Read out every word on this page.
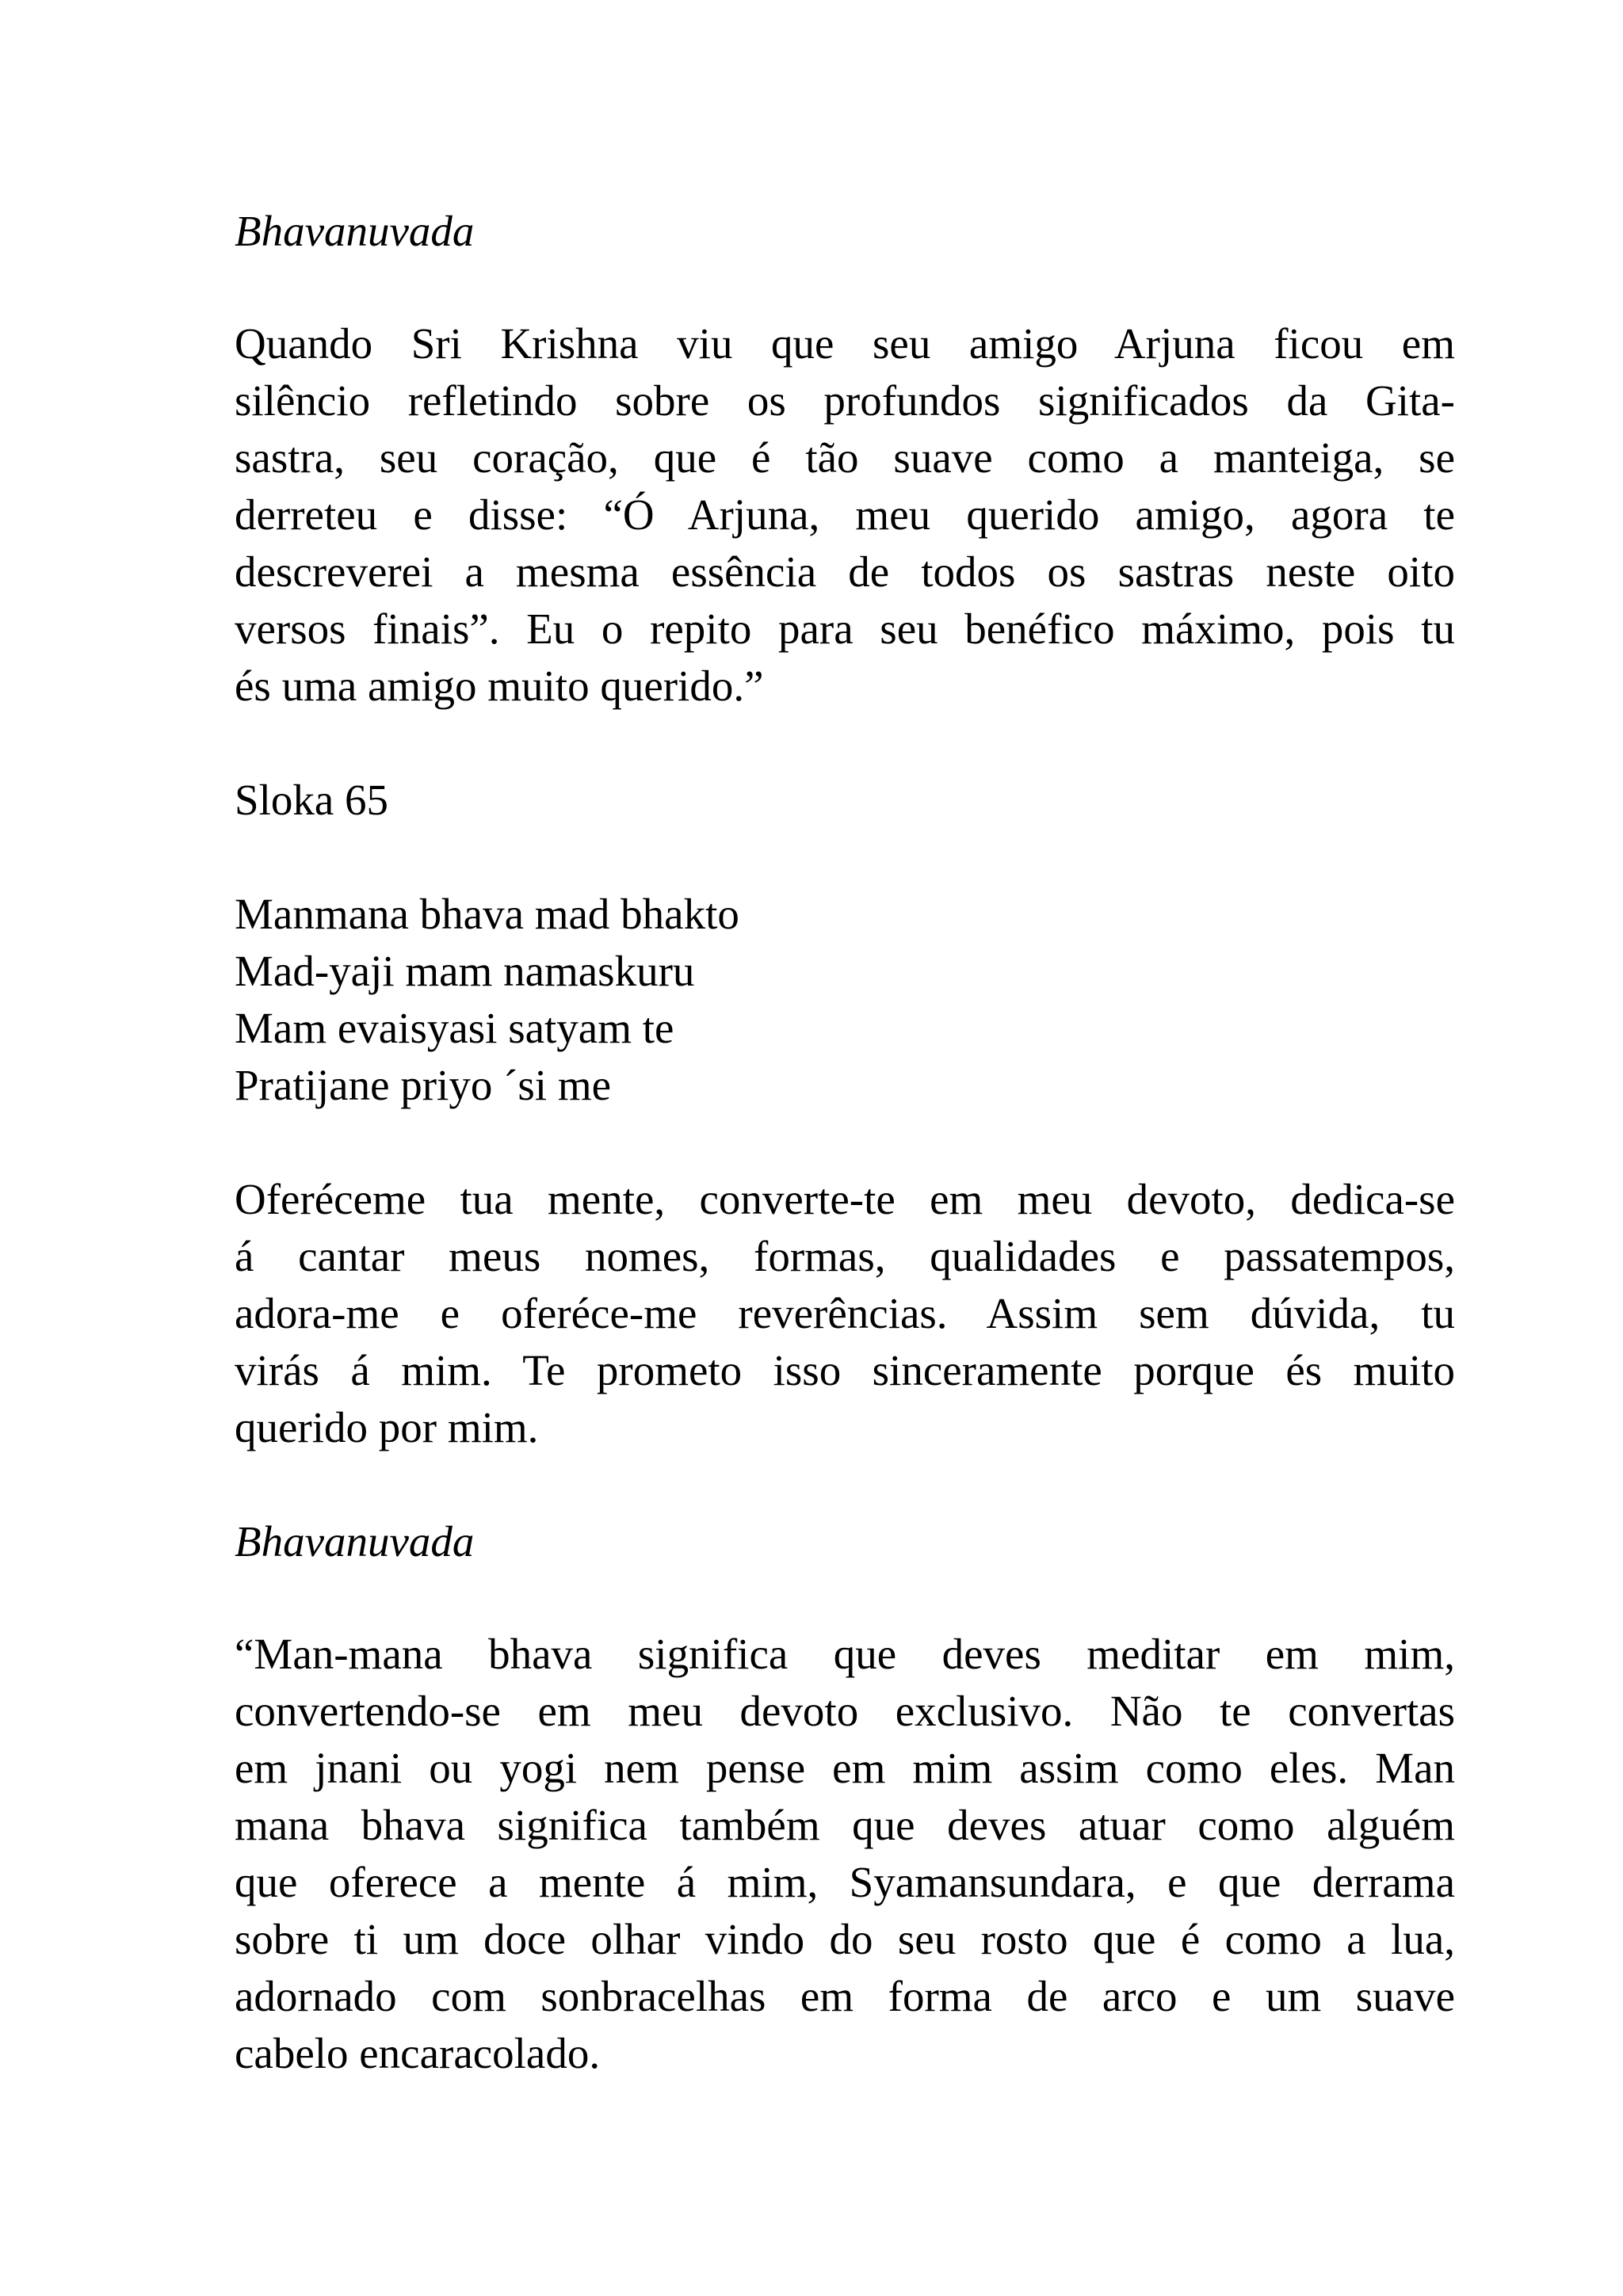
Bhavanuvada

Quando Sri Krishna viu que seu amigo Arjuna ficou em
silêncio refletindo sobre os profundos significados da Gita-
sastra, seu coração, que é tão suave como a manteiga, se
derreteu e disse: “Ó Arjuna, meu querido amigo, agora te
descreverei a mesma essência de todos os sastras neste oito
versos finais”. Eu o repito para seu benéfico máximo, pois tu
és uma amigo muito querido.”

Sloka 65

Manmana bhava mad bhakto
Mad-yaji mam namaskuru
Mam evaisyasi satyam te
Pratijane priyo ´si me
Oferéceme tua mente, converte-te em meu devoto, dedica-se
á cantar meus nomes, formas, qualidades e passatempos,
adora-me e oferéce-me reverências. Assim sem dúvida, tu
virás á mim. Te prometo isso sinceramente porque és muito
querido por mim.

Bhavanuvada

“Man-mana bhava significa que deves meditar em mim,
convertendo-se em meu devoto exclusivo. Não te convertas
em jnani ou yogi nem pense em mim assim como eles. Man
mana bhava significa também que deves atuar como alguém
que oferece a mente á mim, Syamansundara, e que derrama
sobre ti um doce olhar vindo do seu rosto que é como a lua,
adornado com sonbracelhas em forma de arco e um suave
cabelo encaracolado.
